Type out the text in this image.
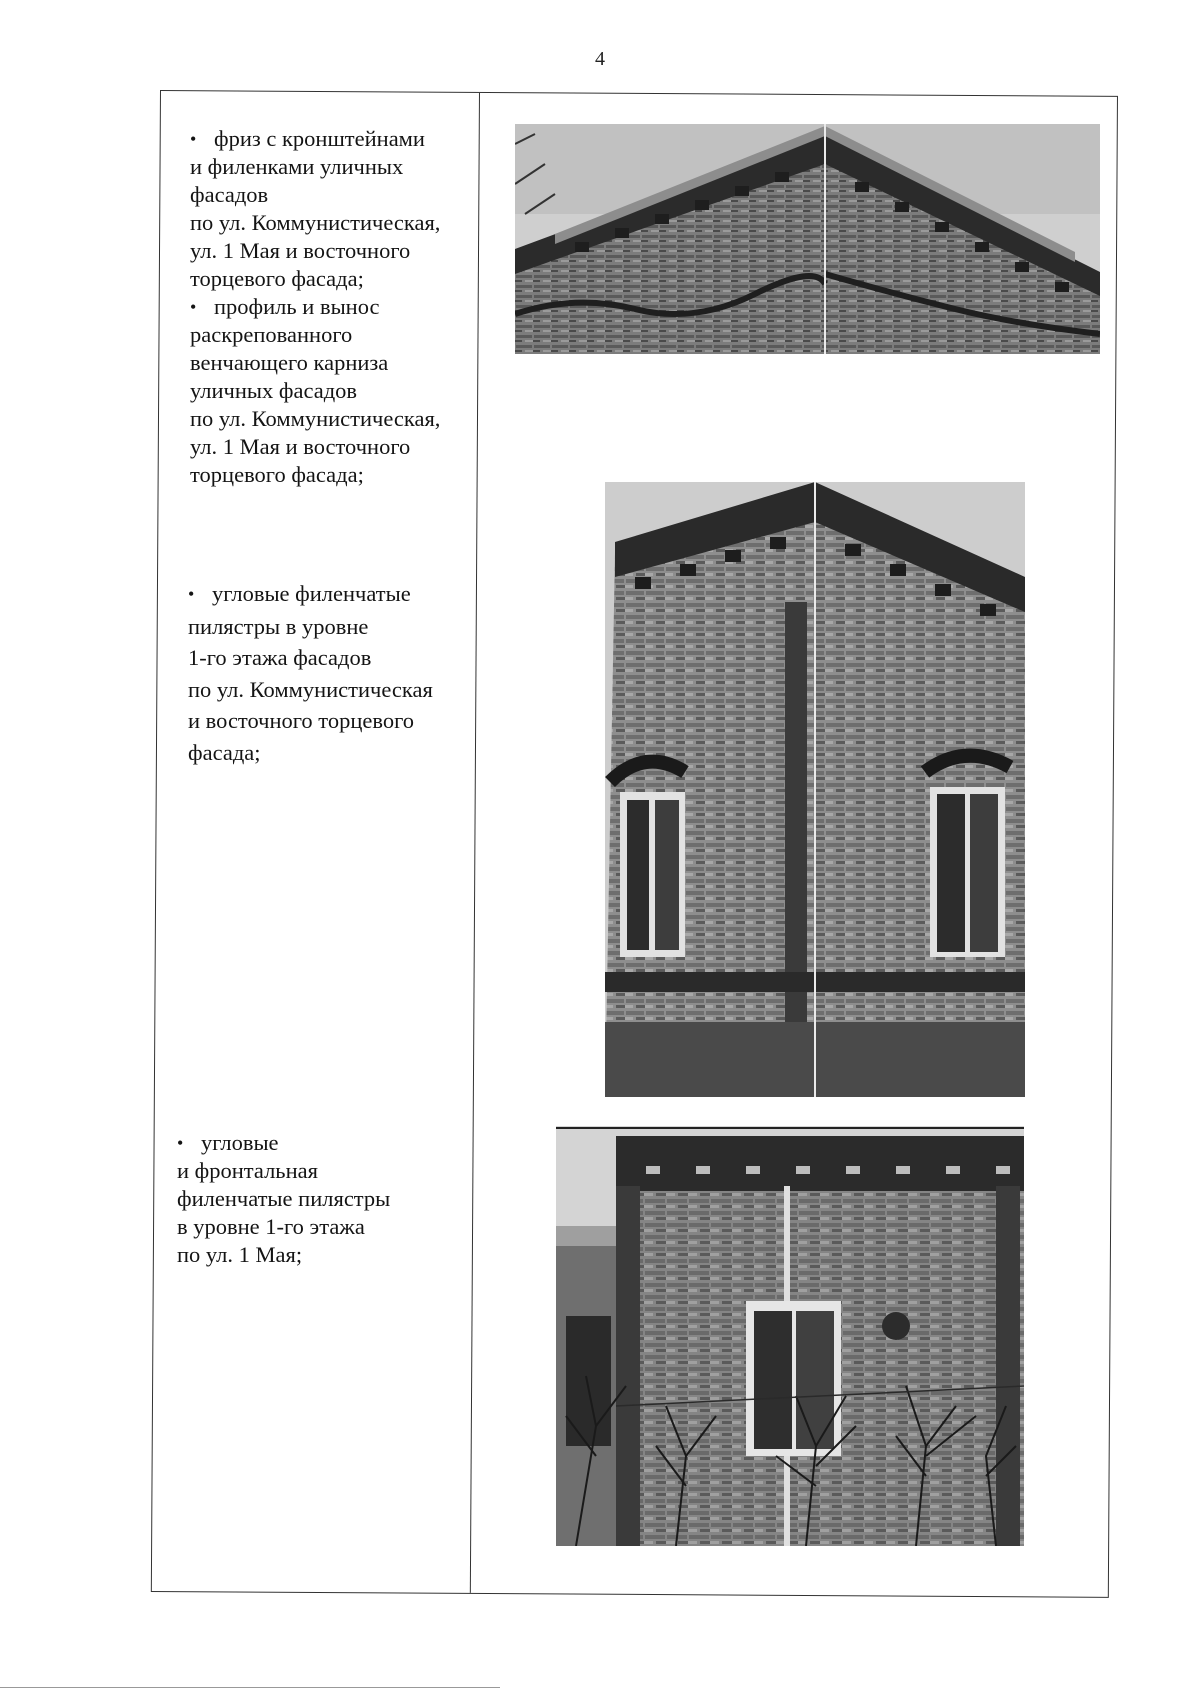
4
• фриз с кронштейнами
и филенками уличных
фасадов
по ул. Коммунистическая,
ул. 1 Мая и восточного
торцевого фасада;
• профиль и вынос
раскрепованного
венчающего карниза
уличных фасадов
по ул. Коммунистическая,
ул. 1 Мая и восточного
торцевого фасада;
• угловые филенчатые
пилястры в уровне
1-го этажа фасадов
по ул. Коммунистическая
и восточного торцевого
фасада;
• угловые
и фронтальная
филенчатые пилястры
в уровне 1-го этажа
по ул. 1 Мая;
